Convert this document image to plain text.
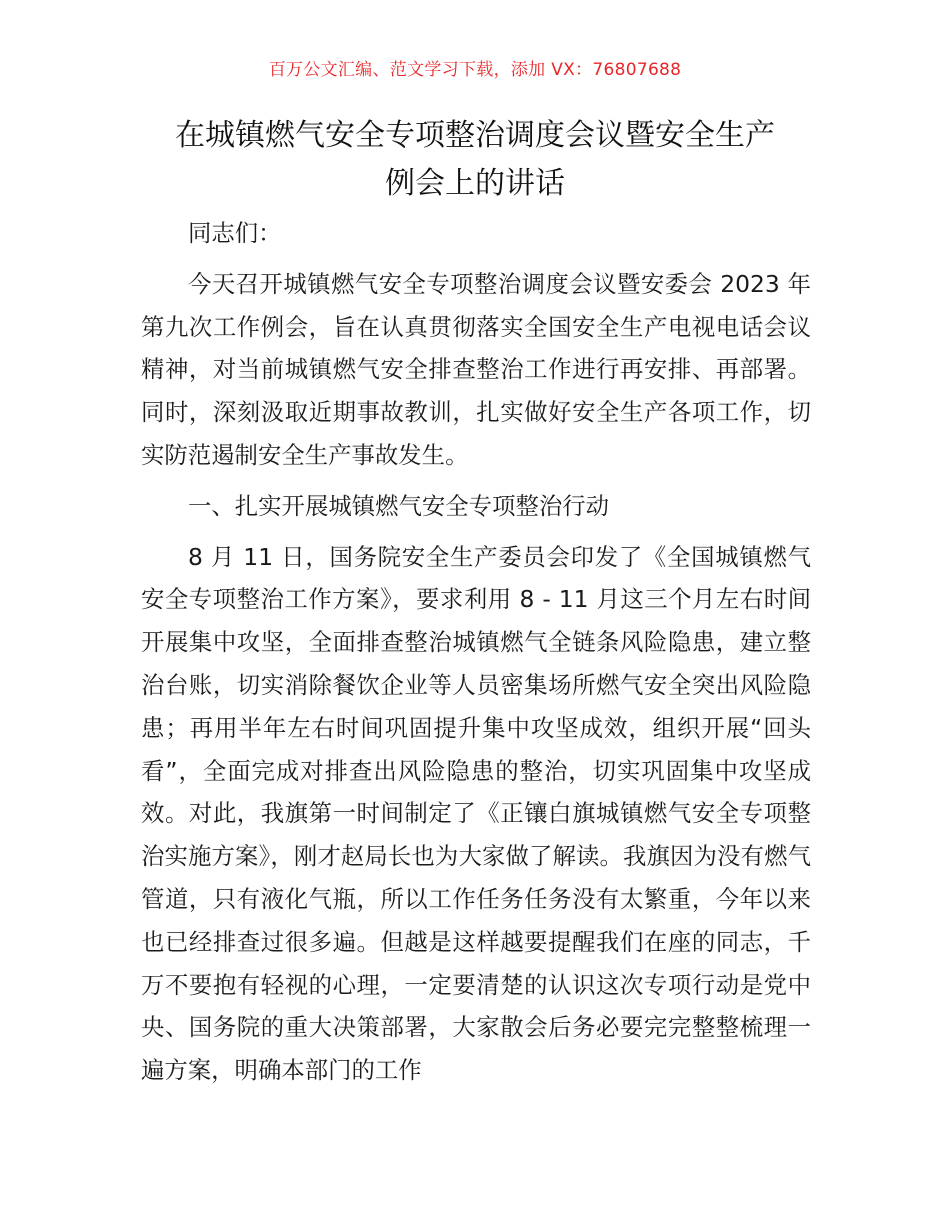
百万公文汇编、范文学习下载，添加 VX：76807688
在城镇燃气安全专项整治调度会议暨安全生产
例会上的讲话

同志们：

今天召开城镇燃气安全专项整治调度会议暨安委会 2023 年第九次工作例会，旨在认真贯彻落实全国安全生产电视电话会议精神，对当前城镇燃气安全排查整治工作进行再安排、再部署。同时，深刻汲取近期事故教训，扎实做好安全生产各项工作，切实防范遏制安全生产事故发生。

一、扎实开展城镇燃气安全专项整治行动

8 月 11 日，国务院安全生产委员会印发了《全国城镇燃气安全专项整治工作方案》，要求利用 8 - 11 月这三个月左右时间开展集中攻坚，全面排查整治城镇燃气全链条风险隐患，建立整治台账，切实消除餐饮企业等人员密集场所燃气安全突出风险隐患；再用半年左右时间巩固提升集中攻坚成效，组织开展“回头看”，全面完成对排查出风险隐患的整治，切实巩固集中攻坚成效。对此，我旗第一时间制定了《正镶白旗城镇燃气安全专项整治实施方案》，刚才赵局长也为大家做了解读。我旗因为没有燃气管道，只有液化气瓶，所以工作任务任务没有太繁重，今年以来也已经排查过很多遍。但越是这样越要提醒我们在座的同志，千万不要抱有轻视的心理，一定要清楚的认识这次专项行动是党中央、国务院的重大决策部署，大家散会后务必要完完整整梳理一遍方案，明确本部门的工作
